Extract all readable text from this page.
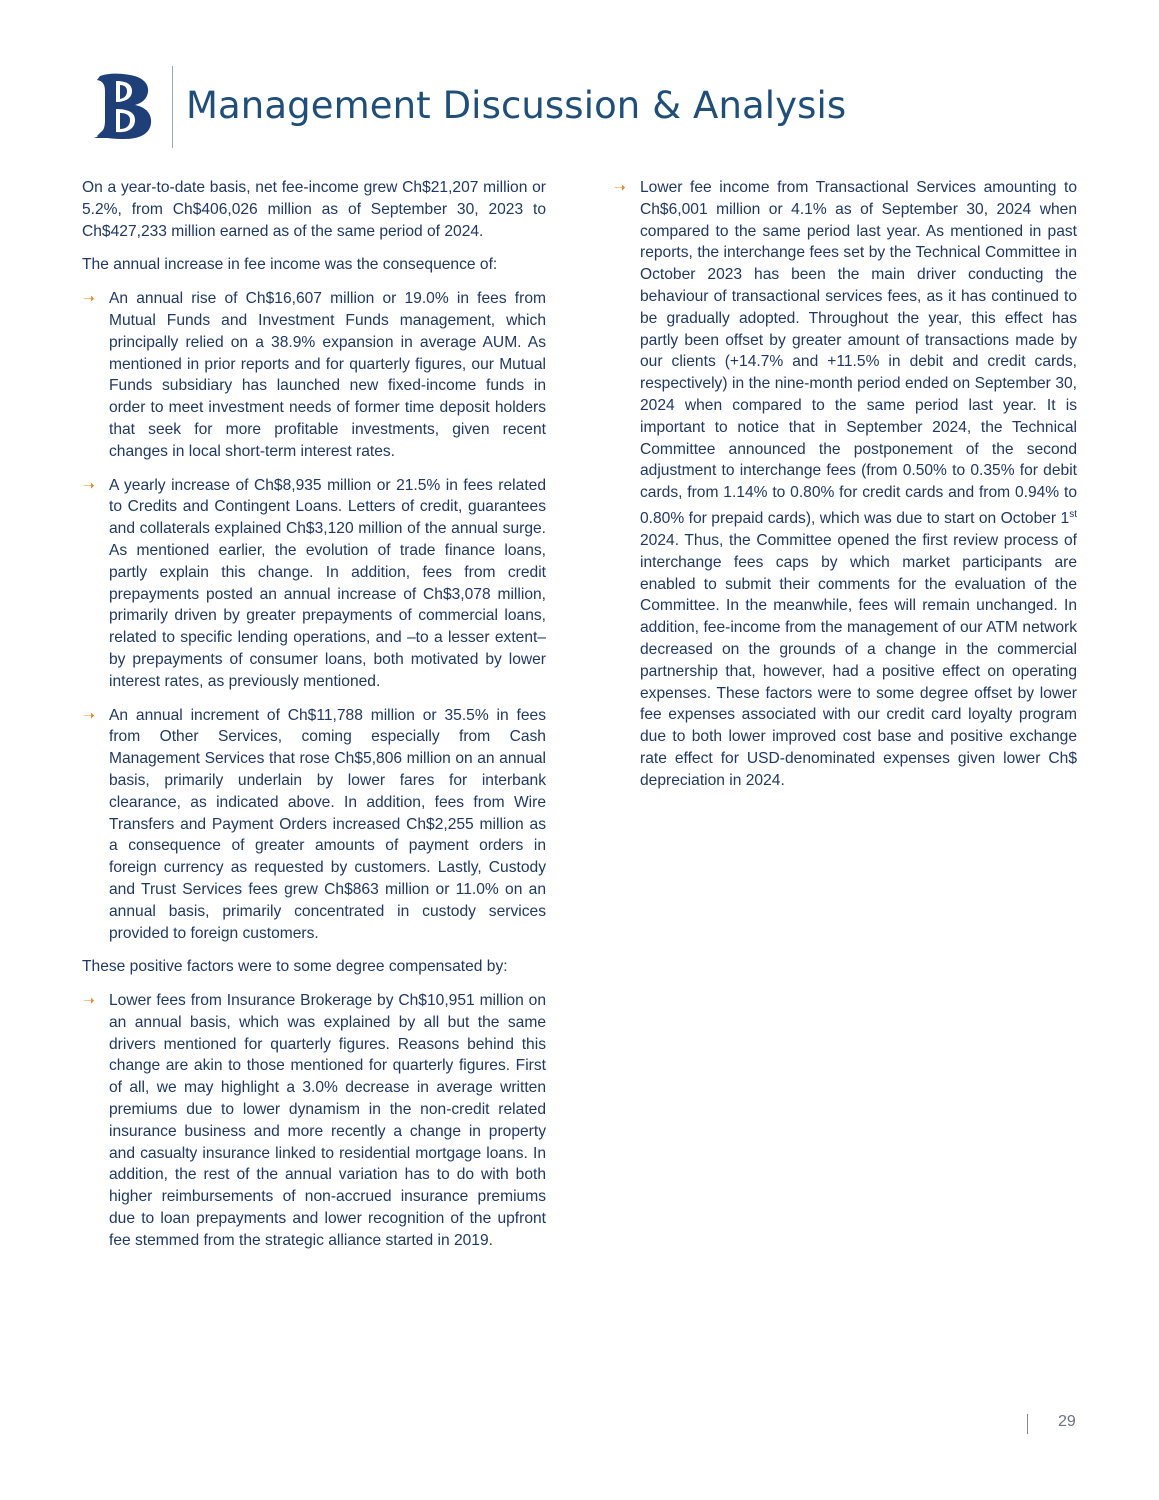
Management Discussion & Analysis

On a year-to-date basis, net fee-income grew Ch$21,207 million or 5.2%, from Ch$406,026 million as of September 30, 2023 to Ch$427,233 million earned as of the same period of 2024.

The annual increase in fee income was the consequence of:

➝ An annual rise of Ch$16,607 million or 19.0% in fees from Mutual Funds and Investment Funds management, which principally relied on a 38.9% expansion in average AUM. As mentioned in prior reports and for quarterly figures, our Mutual Funds subsidiary has launched new fixed-income funds in order to meet investment needs of former time deposit holders that seek for more profitable investments, given recent changes in local short-term interest rates.
➝ A yearly increase of Ch$8,935 million or 21.5% in fees related to Credits and Contingent Loans. Letters of credit, guarantees and collaterals explained Ch$3,120 million of the annual surge. As mentioned earlier, the evolution of trade finance loans, partly explain this change. In addition, fees from credit prepayments posted an annual increase of Ch$3,078 million, primarily driven by greater prepayments of commercial loans, related to specific lending operations, and –to a lesser extent– by prepayments of consumer loans, both motivated by lower interest rates, as previously mentioned.
➝ An annual increment of Ch$11,788 million or 35.5% in fees from Other Services, coming especially from Cash Management Services that rose Ch$5,806 million on an annual basis, primarily underlain by lower fares for interbank clearance, as indicated above. In addition, fees from Wire Transfers and Payment Orders increased Ch$2,255 million as a consequence of greater amounts of payment orders in foreign currency as requested by customers. Lastly, Custody and Trust Services fees grew Ch$863 million or 11.0% on an annual basis, primarily concentrated in custody services provided to foreign customers.

These positive factors were to some degree compensated by:

➝ Lower fees from Insurance Brokerage by Ch$10,951 million on an annual basis, which was explained by all but the same drivers mentioned for quarterly figures. Reasons behind this change are akin to those mentioned for quarterly figures. First of all, we may highlight a 3.0% decrease in average written premiums due to lower dynamism in the non-credit related insurance business and more recently a change in property and casualty insurance linked to residential mortgage loans. In addition, the rest of the annual variation has to do with both higher reimbursements of non-accrued insurance premiums due to loan prepayments and lower recognition of the upfront fee stemmed from the strategic alliance started in 2019.
➝ Lower fee income from Transactional Services amounting to Ch$6,001 million or 4.1% as of September 30, 2024 when compared to the same period last year. As mentioned in past reports, the interchange fees set by the Technical Committee in October 2023 has been the main driver conducting the behaviour of transactional services fees, as it has continued to be gradually adopted. Throughout the year, this effect has partly been offset by greater amount of transactions made by our clients (+14.7% and +11.5% in debit and credit cards, respectively) in the nine-month period ended on September 30, 2024 when compared to the same period last year. It is important to notice that in September 2024, the Technical Committee announced the postponement of the second adjustment to interchange fees (from 0.50% to 0.35% for debit cards, from 1.14% to 0.80% for credit cards and from 0.94% to 0.80% for prepaid cards), which was due to start on October 1st 2024. Thus, the Committee opened the first review process of interchange fees caps by which market participants are enabled to submit their comments for the evaluation of the Committee. In the meanwhile, fees will remain unchanged. In addition, fee-income from the management of our ATM network decreased on the grounds of a change in the commercial partnership that, however, had a positive effect on operating expenses. These factors were to some degree offset by lower fee expenses associated with our credit card loyalty program due to both lower improved cost base and positive exchange rate effect for USD-denominated expenses given lower Ch$ depreciation in 2024.
29
